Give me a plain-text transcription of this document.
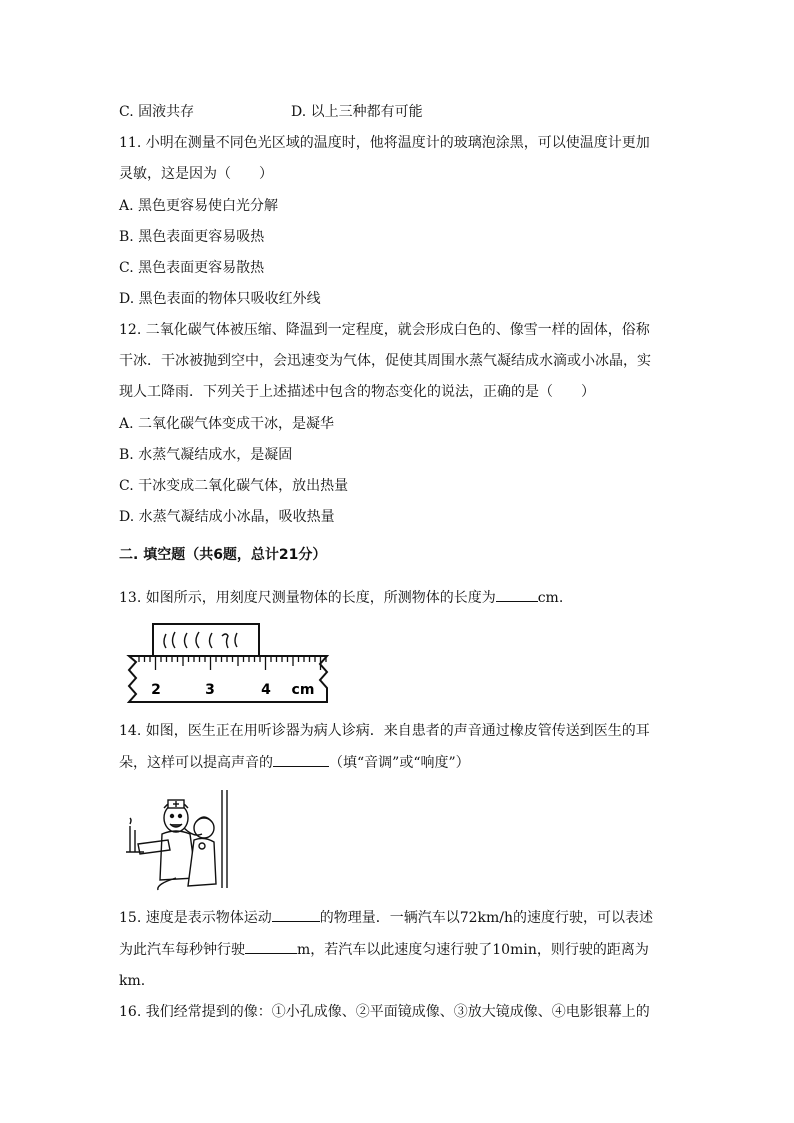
C. 固液共存	D. 以上三种都有可能
11. 小明在测量不同色光区域的温度时，他将温度计的玻璃泡涂黑，可以使温度计更加
灵敏，这是因为（　　）
A. 黑色更容易使白光分解
B. 黑色表面更容易吸热
C. 黑色表面更容易散热
D. 黑色表面的物体只吸收红外线
12. 二氧化碳气体被压缩、降温到一定程度，就会形成白色的、像雪一样的固体，俗称
干冰．干冰被抛到空中，会迅速变为气体，促使其周围水蒸气凝结成水滴或小冰晶，实
现人工降雨．下列关于上述描述中包含的物态变化的说法，正确的是（　　）
A. 二氧化碳气体变成干冰，是凝华
B. 水蒸气凝结成水，是凝固
C. 干冰变成二氧化碳气体，放出热量
D. 水蒸气凝结成小冰晶，吸收热量
二. 填空题（共6题，总计21分）
13. 如图所示，用刻度尺测量物体的长度，所测物体的长度为	cm.
2	3	4 cm
14. 如图，医生正在用听诊器为病人诊病．来自患者的声音通过橡皮管传送到医生的耳
朵，这样可以提高声音的	（填“音调”或“响度”）
15. 速度是表示物体运动	的物理量．一辆汽车以72km/h的速度行驶，可以表述
为此汽车每秒钟行驶	m，若汽车以此速度匀速行驶了10min，则行驶的距离为
km.
16. 我们经常提到的像：①小孔成像、②平面镜成像、③放大镜成像、④电影银幕上的
